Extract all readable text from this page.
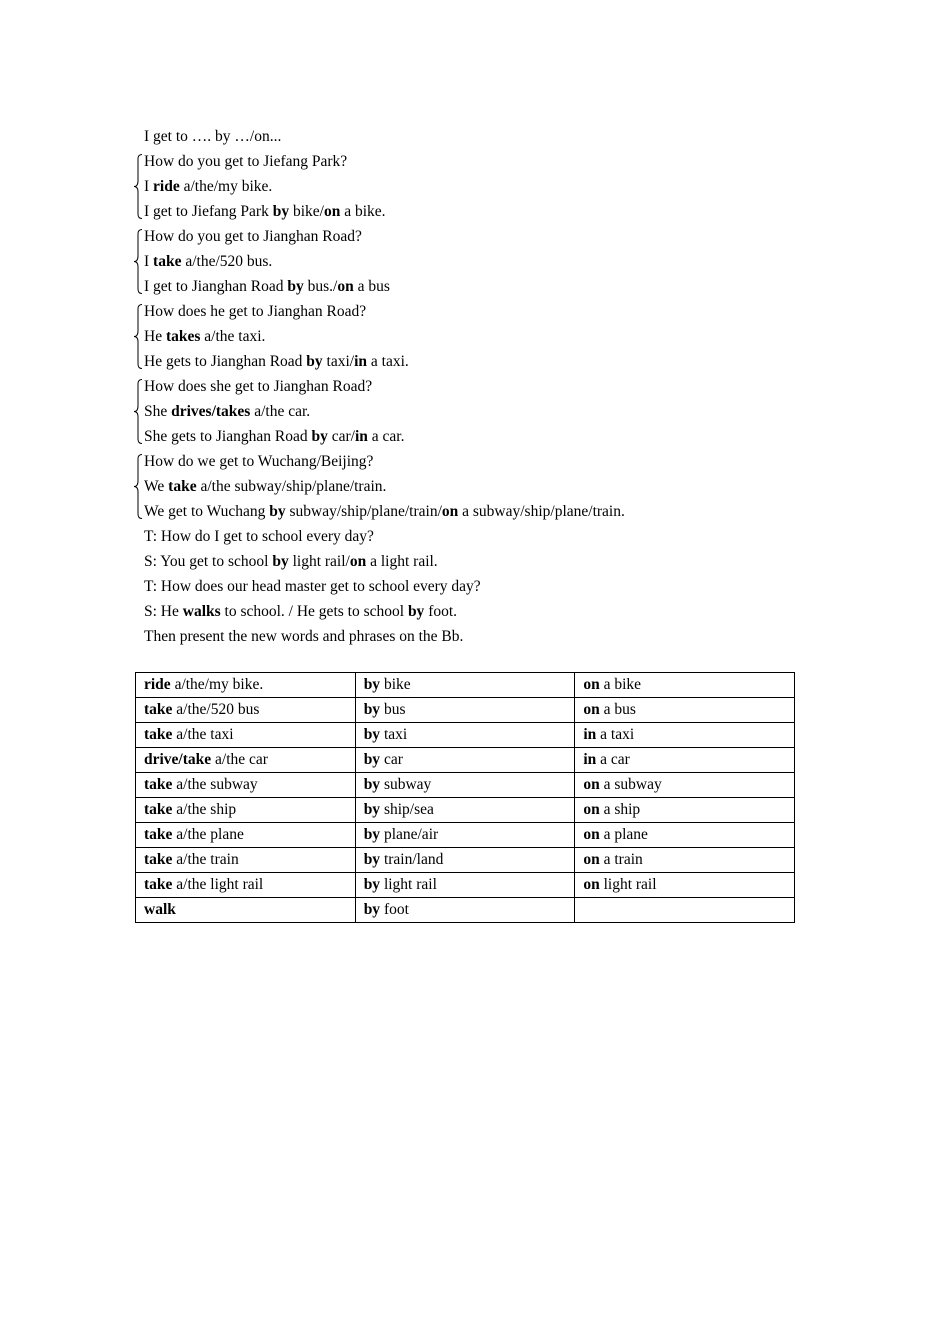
I get to …. by …/on...
How do you get to Jiefang Park?
I ride a/the/my bike.
I get to Jiefang Park by bike/on a bike.
How do you get to Jianghan Road?
I take a/the/520 bus.
I get to Jianghan Road by bus./on a bus
How does he get to Jianghan Road?
He takes a/the taxi.
He gets to Jianghan Road by taxi/in a taxi.
How does she get to Jianghan Road?
She drives/takes a/the car.
She gets to Jianghan Road by car/in a car.
How do we get to Wuchang/Beijing?
We take a/the subway/ship/plane/train.
We get to Wuchang by subway/ship/plane/train/on a subway/ship/plane/train.
T: How do I get to school every day?
S: You get to school by light rail/on a light rail.
T: How does our head master get to school every day?
S: He walks to school. / He gets to school by foot.
Then present the new words and phrases on the Bb.
ride a/the/my bike.	by bike	on a bike
take a/the/520 bus	by bus	on a bus
take a/the taxi	by taxi	in a taxi
drive/take a/the car	by car	in a car
take a/the subway	by subway	on a subway
take a/the ship	by ship/sea	on a ship
take a/the plane	by plane/air	on a plane
take a/the train	by train/land	on a train
take a/the light rail	by light rail	on light rail
walk	by foot	
